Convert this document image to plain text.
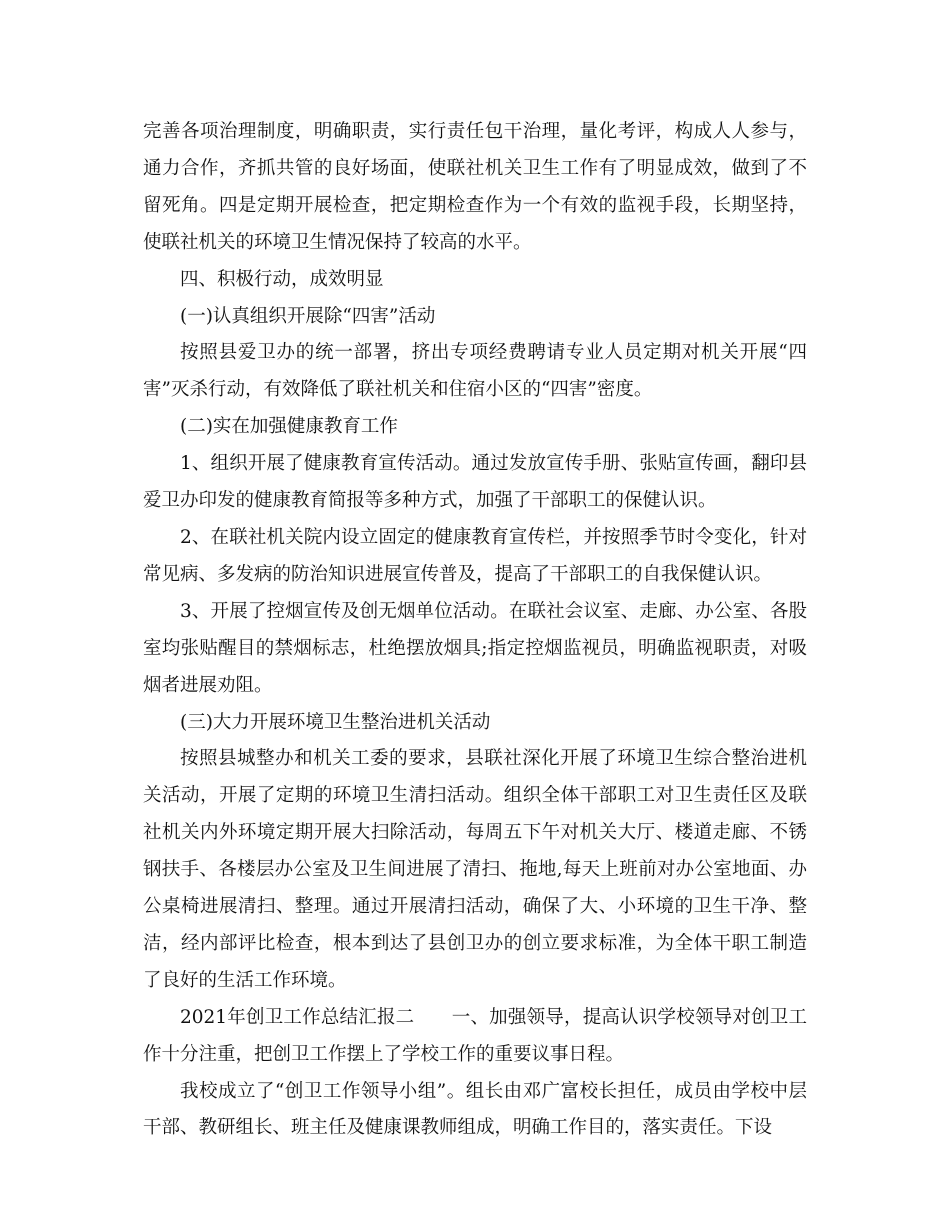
完善各项治理制度，明确职责，实行责任包干治理，量化考评，构成人人参与，通力合作，齐抓共管的良好场面，使联社机关卫生工作有了明显成效，做到了不留死角。四是定期开展检查，把定期检查作为一个有效的监视手段，长期坚持，使联社机关的环境卫生情况保持了较高的水平。

四、积极行动，成效明显

(一)认真组织开展除“四害”活动

按照县爱卫办的统一部署，挤出专项经费聘请专业人员定期对机关开展“四害”灭杀行动，有效降低了联社机关和住宿小区的“四害”密度。

(二)实在加强健康教育工作

1、组织开展了健康教育宣传活动。通过发放宣传手册、张贴宣传画，翻印县爱卫办印发的健康教育简报等多种方式，加强了干部职工的保健认识。

2、在联社机关院内设立固定的健康教育宣传栏，并按照季节时令变化，针对常见病、多发病的防治知识进展宣传普及，提高了干部职工的自我保健认识。

3、开展了控烟宣传及创无烟单位活动。在联社会议室、走廊、办公室、各股室均张贴醒目的禁烟标志，杜绝摆放烟具;指定控烟监视员，明确监视职责，对吸烟者进展劝阻。

(三)大力开展环境卫生整治进机关活动

按照县城整办和机关工委的要求，县联社深化开展了环境卫生综合整治进机关活动，开展了定期的环境卫生清扫活动。组织全体干部职工对卫生责任区及联社机关内外环境定期开展大扫除活动，每周五下午对机关大厅、楼道走廊、不锈钢扶手、各楼层办公室及卫生间进展了清扫、拖地,每天上班前对办公室地面、办公桌椅进展清扫、整理。通过开展清扫活动，确保了大、小环境的卫生干净、整洁，经内部评比检查，根本到达了县创卫办的创立要求标准，为全体干职工制造了良好的生活工作环境。

2021年创卫工作总结汇报二　　一、加强领导，提高认识学校领导对创卫工作十分注重，把创卫工作摆上了学校工作的重要议事日程。

我校成立了“创卫工作领导小组”。组长由邓广富校长担任，成员由学校中层干部、教研组长、班主任及健康课教师组成，明确工作目的，落实责任。下设
